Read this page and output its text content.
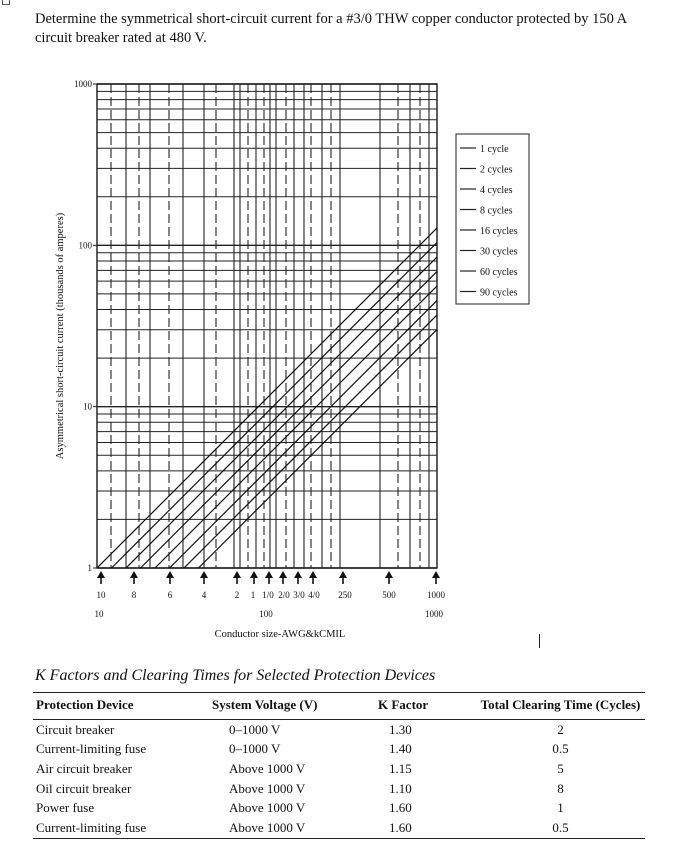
Determine the symmetrical short-circuit current for a #3/0 THW copper conductor protected by 150 A circuit breaker rated at 480 V.
1
10
100
1000
Asymmetrical short-circuit current (thousands of amperes)
1 cycle
2 cycles
4 cycles
8 cycles
16 cycles
30 cycles
60 cycles
90 cycles
10	8	6	4	2 1 1/0 2/0 3/0 4/0 250	500	1000
10	100	1000
Conductor size-AWG&kCMIL
K Factors and Clearing Times for Selected Protection Devices
Protection Device	System Voltage (V)	K Factor	Total Clearing Time (Cycles)
Circuit breaker	0–1000 V	1.30	2
Current-limiting fuse	0–1000 V	1.40	0.5
Air circuit breaker	Above 1000 V	1.15	5
Oil circuit breaker	Above 1000 V	1.10	8
Power fuse	Above 1000 V	1.60	1
Current-limiting fuse	Above 1000 V	1.60	0.5
